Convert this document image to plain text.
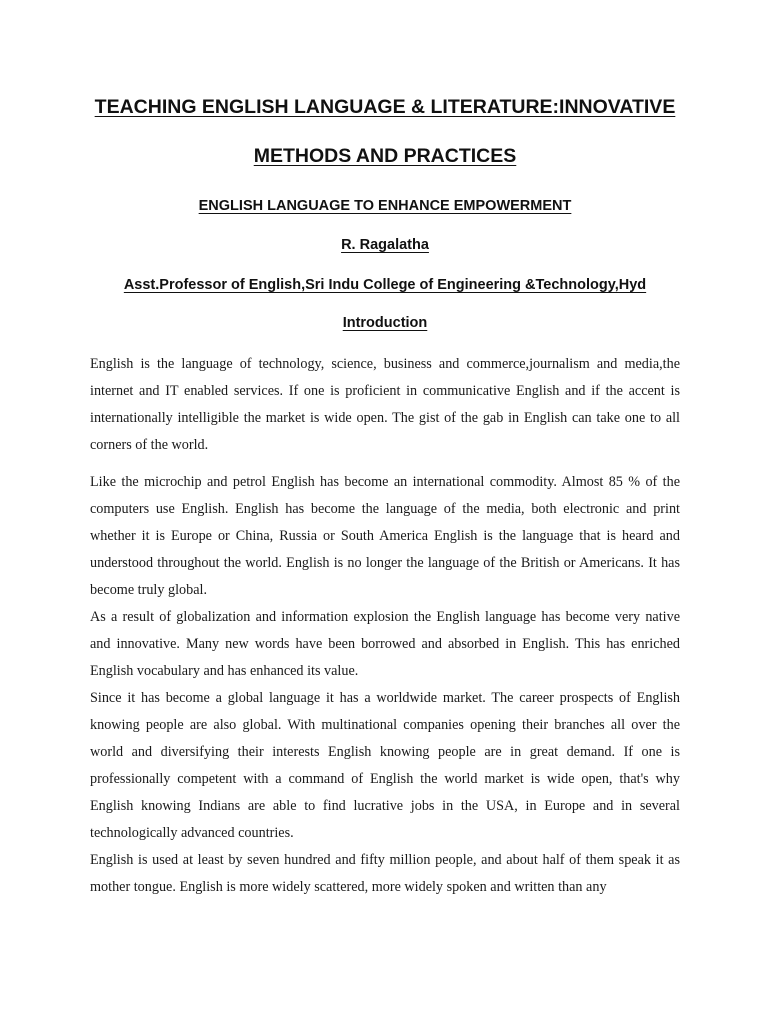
TEACHING ENGLISH LANGUAGE & LITERATURE:INNOVATIVE METHODS AND PRACTICES
ENGLISH LANGUAGE TO ENHANCE EMPOWERMENT
R. Ragalatha
Asst.Professor of English,Sri Indu College of Engineering &Technology,Hyd
Introduction

English is the language of technology, science, business and commerce,journalism and media,the internet and IT enabled services. If one is proficient in communicative English and if the accent is internationally intelligible the market is wide open. The gist of the gab in English can take one to all corners of the world.

Like the microchip and petrol English has become an international commodity. Almost 85 % of the computers use English. English has become the language of the media, both electronic and print whether it is Europe or China, Russia or South America English is the language that is heard and understood throughout the world. English is no longer the language of the British or Americans. It has become truly global.

As a result of globalization and information explosion the English language has become very native and innovative. Many new words have been borrowed and absorbed in English. This has enriched English vocabulary and has enhanced its value.

Since it has become a global language it has a worldwide market. The career prospects of English knowing people are also global. With multinational companies opening their branches all over the world and diversifying their interests English knowing people are in great demand. If one is professionally competent with a command of English the world market is wide open, that's why English knowing Indians are able to find lucrative jobs in the USA, in Europe and in several technologically advanced countries.

English is used at least by seven hundred and fifty million people, and about half of them speak it as mother tongue. English is more widely scattered, more widely spoken and written than any
